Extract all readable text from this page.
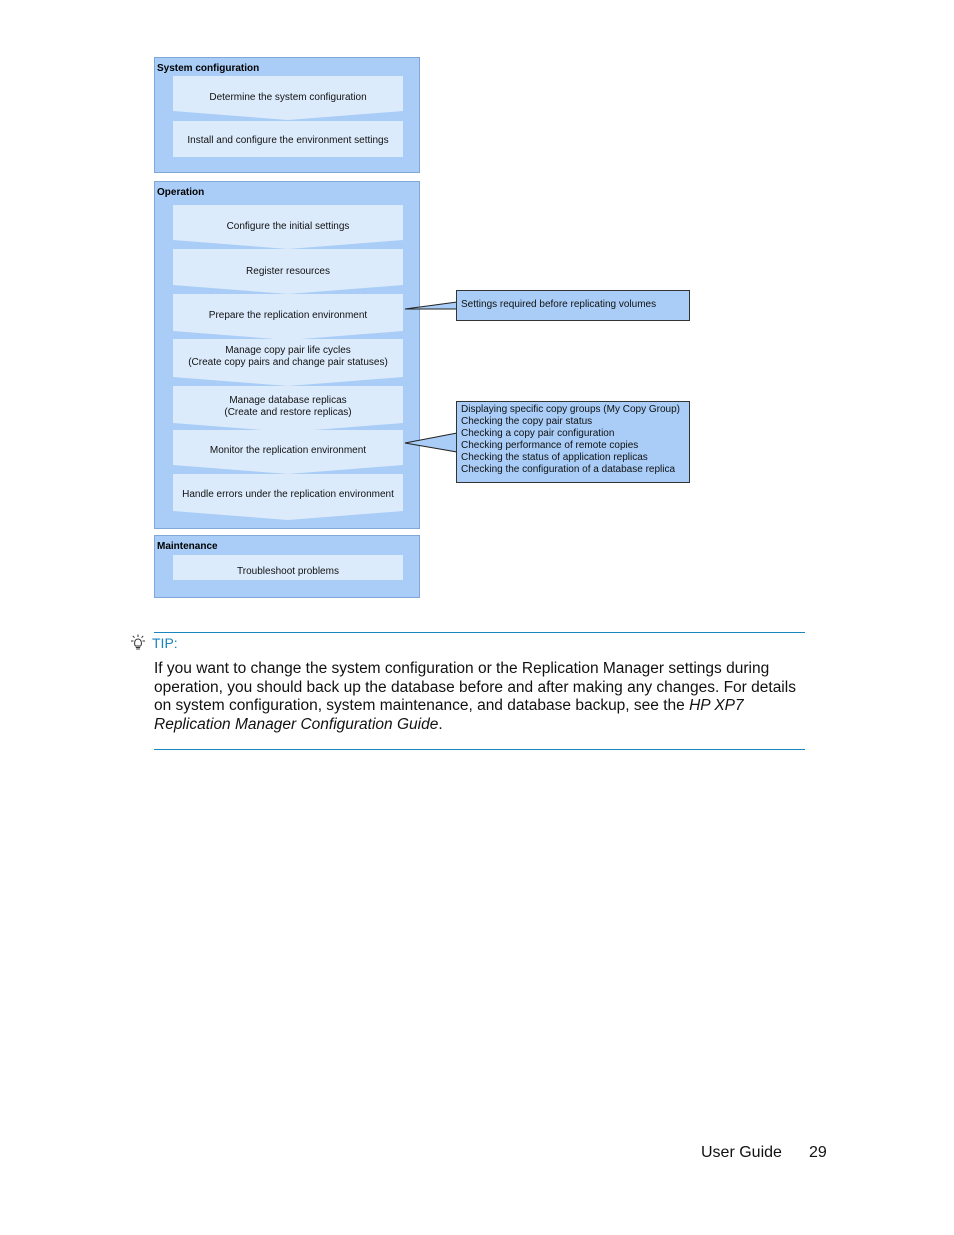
System configuration
Determine the system configuration
Install and configure the environment settings
Operation
Configure the initial settings
Register resources
Prepare the replication environment
Manage copy pair life cycles
(Create copy pairs and change pair statuses)
Manage database replicas
(Create and restore replicas)
Monitor the replication environment
Handle errors under the replication environment
Maintenance
Troubleshoot problems
Settings required before replicating volumes
Displaying specific copy groups (My Copy Group)
Checking the copy pair status
Checking a copy pair configuration
Checking performance of remote copies
Checking the status of application replicas
Checking the configuration of a database replica
TIP:
If you want to change the system configuration or the Replication Manager settings during operation, you should back up the database before and after making any changes. For details on system configuration, system maintenance, and database backup, see the HP XP7 Replication Manager Configuration Guide.
User Guide 29
